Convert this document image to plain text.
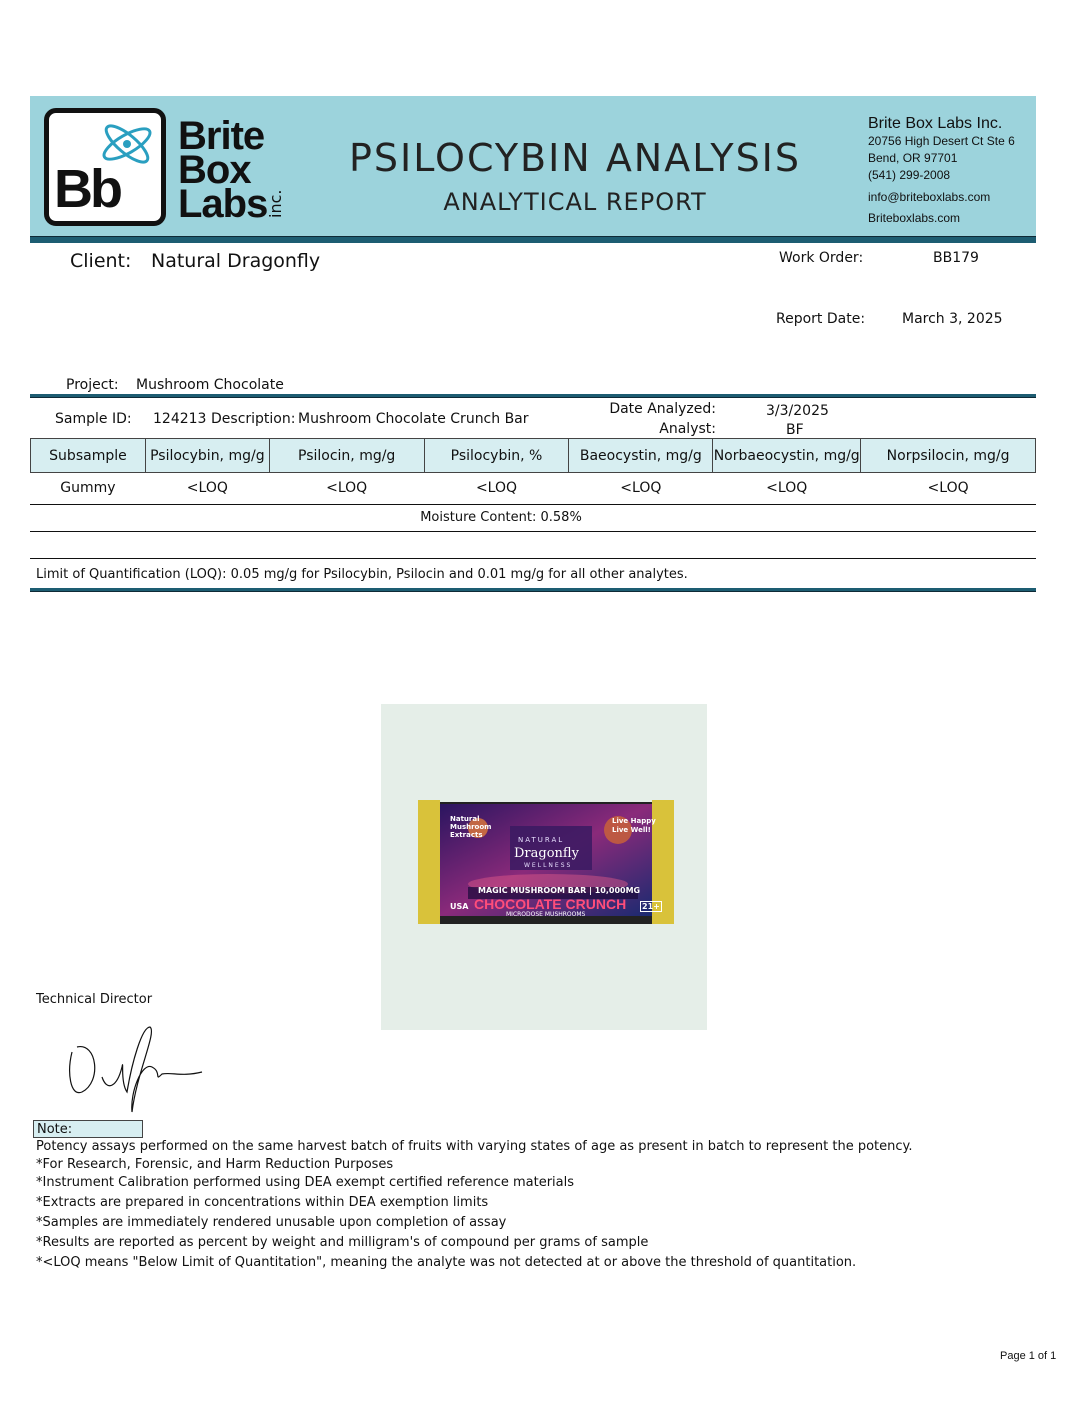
Bb
Brite
Box
Labs
inc.
PSILOCYBIN ANALYSIS
ANALYTICAL REPORT
Brite Box Labs Inc.
20756 High Desert Ct Ste 6
Bend, OR 97701
(541) 299-2008
info@briteboxlabs.com
Briteboxlabs.com
Client: Natural Dragonfly	Work Order:	BB179
Report Date:	March 3, 2025
Project: Mushroom Chocolate
Sample ID: 124213 Description: Mushroom Chocolate Crunch Bar
Date Analyzed:	3/3/2025
Analyst:	BF
Subsample	Psilocybin, mg/g	Psilocin, mg/g	Psilocybin, %	Baeocystin, mg/g	Norbaeocystin, mg/g	Norpsilocin, mg/g
Gummy	<LOQ	<LOQ	<LOQ	<LOQ	<LOQ	<LOQ
Moisture Content: 0.58%
Limit of Quantification (LOQ): 0.05 mg/g for Psilocybin, Psilocin and 0.01 mg/g for all other analytes.
NATURAL
Dragonfly
WELLNESS
Natural Mushroom Extracts
Live Happy Live Well!
MAGIC MUSHROOM BAR | 10,000MG
USA CHOCOLATE CRUNCH 21+
MICRODOSE MUSHROOMS
Technical Director
Note:
Potency assays performed on the same harvest batch of fruits with varying states of age as present in batch to represent the potency.
*For Research, Forensic, and Harm Reduction Purposes
*Instrument Calibration performed using DEA exempt certified reference materials
*Extracts are prepared in concentrations within DEA exemption limits
*Samples are immediately rendered unusable upon completion of assay
*Results are reported as percent by weight and milligram's of compound per grams of sample
*<LOQ means "Below Limit of Quantitation", meaning the analyte was not detected at or above the threshold of quantitation.
Page 1 of 1
